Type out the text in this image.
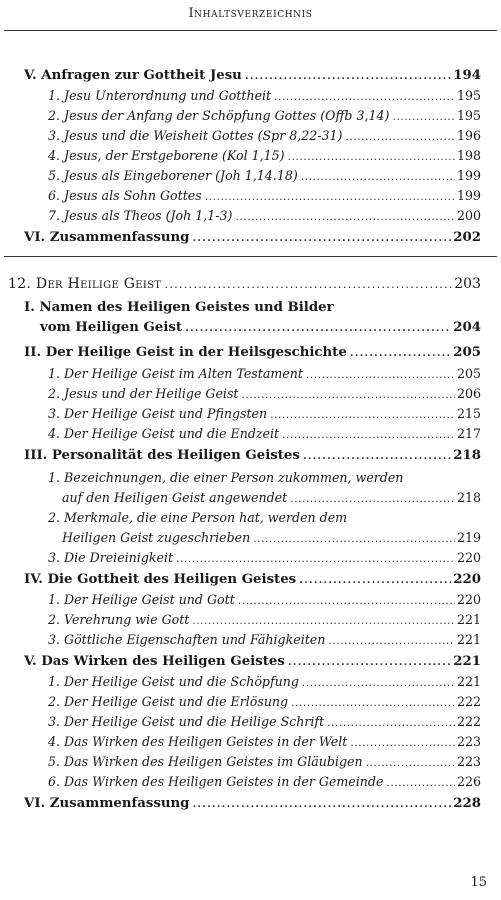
Inhaltsverzeichnis
V. Anfragen zur Gottheit Jesu .....	194
1. Jesu Unterordnung und Gottheit .....	195
2. Jesus der Anfang der Schöpfung Gottes (Offb 3,14) .....	195
3. Jesus und die Weisheit Gottes (Spr 8,22-31) .....	196
4. Jesus, der Erstgeborene (Kol 1,15) .....	198
5. Jesus als Eingeborener (Joh 1,14.18) .....	199
6. Jesus als Sohn Gottes .....	199
7. Jesus als Theos (Joh 1,1-3) .....	200
VI. Zusammenfassung .....	202
12. Der Heilige Geist .....	203
I. Namen des Heiligen Geistes und Bilder
vom Heiligen Geist .....	204
II. Der Heilige Geist in der Heilsgeschichte .....	205
1. Der Heilige Geist im Alten Testament .....	205
2. Jesus und der Heilige Geist .....	206
3. Der Heilige Geist und Pfingsten .....	215
4. Der Heilige Geist und die Endzeit .....	217
III. Personalität des Heiligen Geistes .....	218
1. Bezeichnungen, die einer Person zukommen, werden
auf den Heiligen Geist angewendet .....	218
2. Merkmale, die eine Person hat, werden dem
Heiligen Geist zugeschrieben .....	219
3. Die Dreieinigkeit .....	220
IV. Die Gottheit des Heiligen Geistes .....	220
1. Der Heilige Geist und Gott .....	220
2. Verehrung wie Gott .....	221
3. Göttliche Eigenschaften und Fähigkeiten .....	221
V. Das Wirken des Heiligen Geistes .....	221
1. Der Heilige Geist und die Schöpfung .....	221
2. Der Heilige Geist und die Erlösung .....	222
3. Der Heilige Geist und die Heilige Schrift .....	222
4. Das Wirken des Heiligen Geistes in der Welt .....	223
5. Das Wirken des Heiligen Geistes im Gläubigen .....	223
6. Das Wirken des Heiligen Geistes in der Gemeinde .....	226
VI. Zusammenfassung .....	228
15
